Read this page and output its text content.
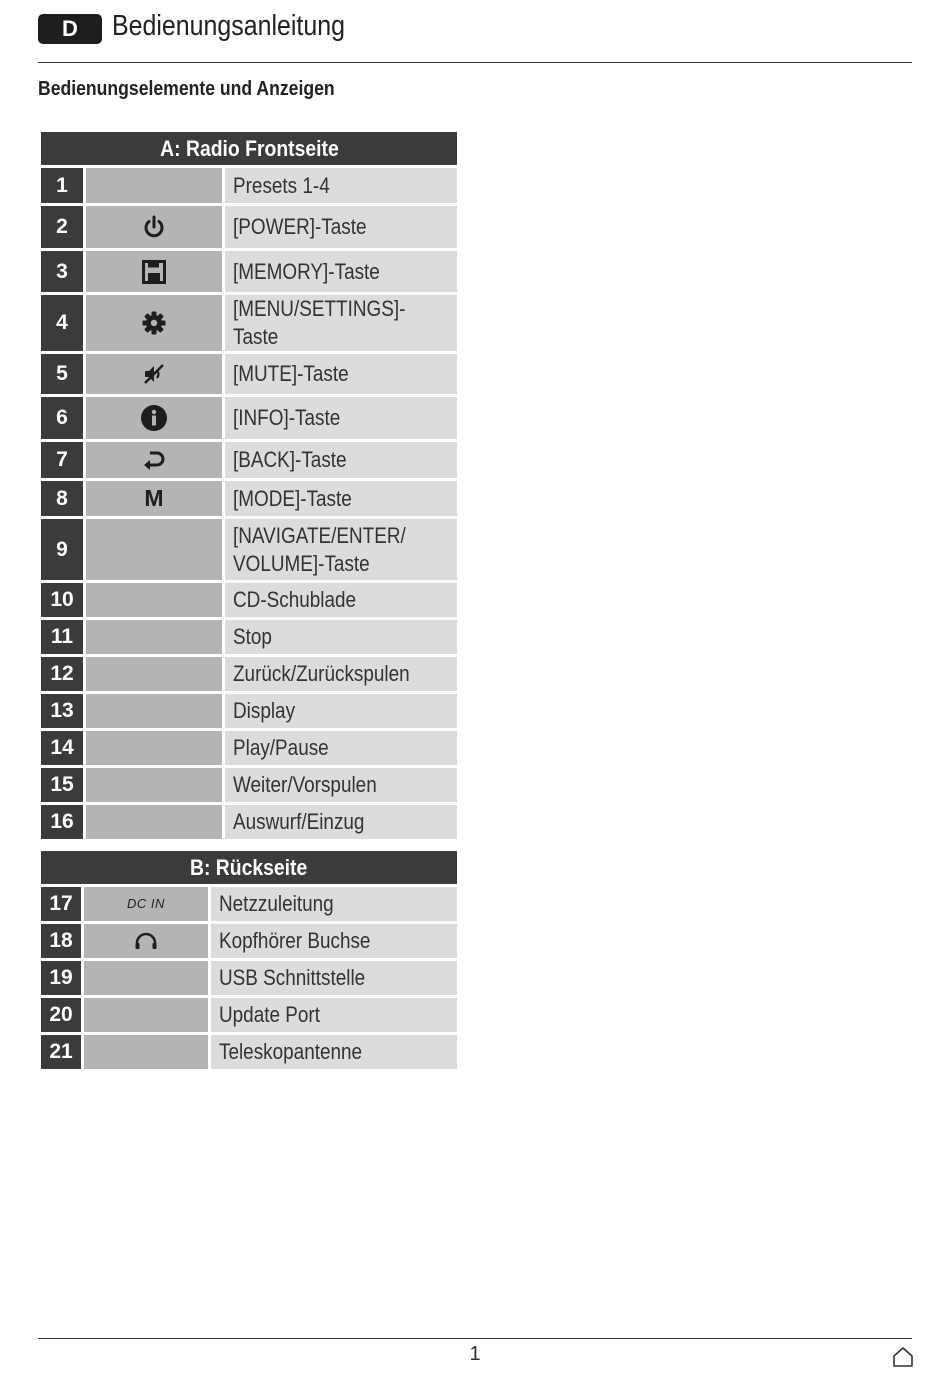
D	Bedienungsanleitung
Bedienungselemente und Anzeigen
A: Radio Frontseite		
1		Presets 1-4
2		[POWER]-Taste
3		[MEMORY]-Taste
4		[MENU/SETTINGS]-Taste
5		[MUTE]-Taste
6		[INFO]-Taste
7		[BACK]-Taste
8	M	[MODE]-Taste
9		[NAVIGATE/ENTER/
VOLUME]-Taste
10		CD-Schublade
11		Stop
12		Zurück/Zurückspulen
13		Display
14		Play/Pause
15		Weiter/Vorspulen
16		Auswurf/Einzug
B: Rückseite		
17	DC IN	Netzzuleitung
18		Kopfhörer Buchse
19		USB Schnittstelle
20		Update Port
21		Teleskopantenne
1
